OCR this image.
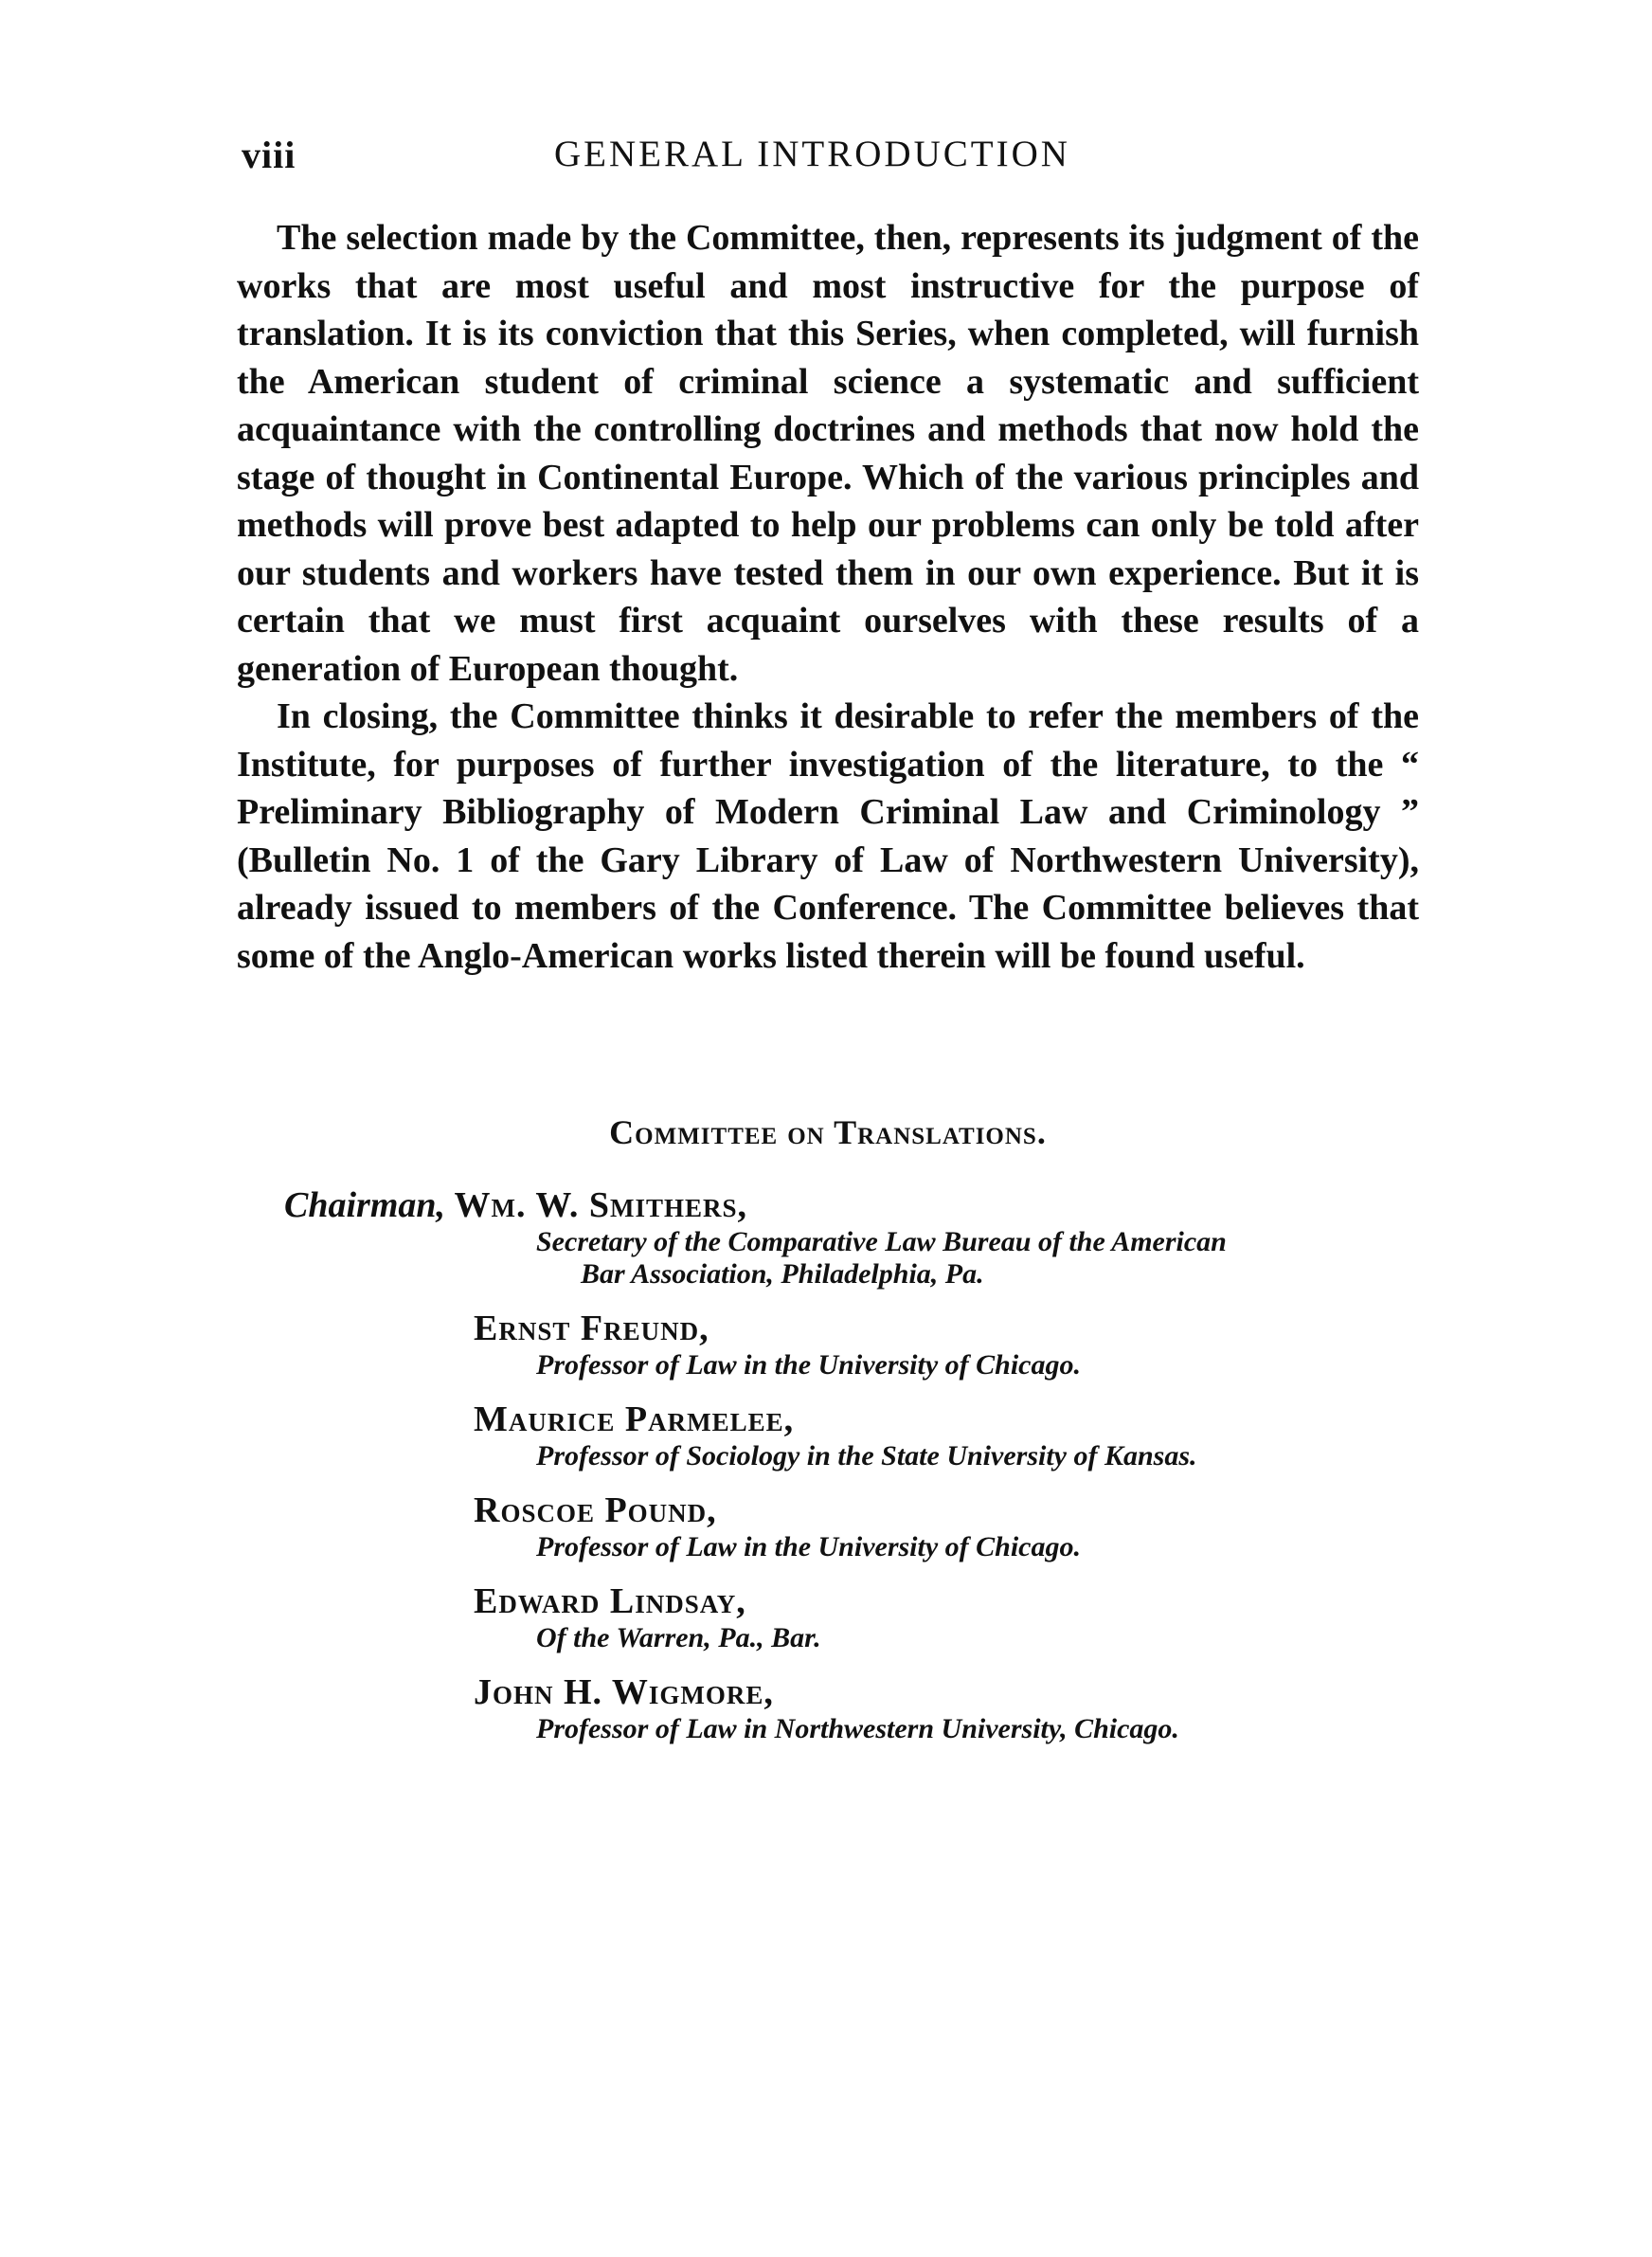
viii	GENERAL INTRODUCTION

The selection made by the Committee, then, represents its judgment of the works that are most useful and most instructive for the purpose of translation. It is its conviction that this Series, when completed, will furnish the American student of criminal science a systematic and sufficient acquaintance with the controlling doctrines and methods that now hold the stage of thought in Continental Europe. Which of the various principles and methods will prove best adapted to help our problems can only be told after our students and workers have tested them in our own experience. But it is certain that we must first acquaint ourselves with these results of a generation of European thought.

In closing, the Committee thinks it desirable to refer the members of the Institute, for purposes of further investigation of the literature, to the “ Preliminary Bibliography of Modern Criminal Law and Criminology ” (Bulletin No. 1 of the Gary Library of Law of Northwestern University), already issued to members of the Conference. The Committee believes that some of the Anglo-American works listed therein will be found useful.

Committee on Translations.
Chairman, Wm. W. Smithers,
Secretary of the Comparative Law Bureau of the American
Bar Association, Philadelphia, Pa.
Ernst Freund,
Professor of Law in the University of Chicago.
Maurice Parmelee,
Professor of Sociology in the State University of Kansas.
Roscoe Pound,
Professor of Law in the University of Chicago.
Edward Lindsay,
Of the Warren, Pa., Bar.
John H. Wigmore,
Professor of Law in Northwestern University, Chicago.
